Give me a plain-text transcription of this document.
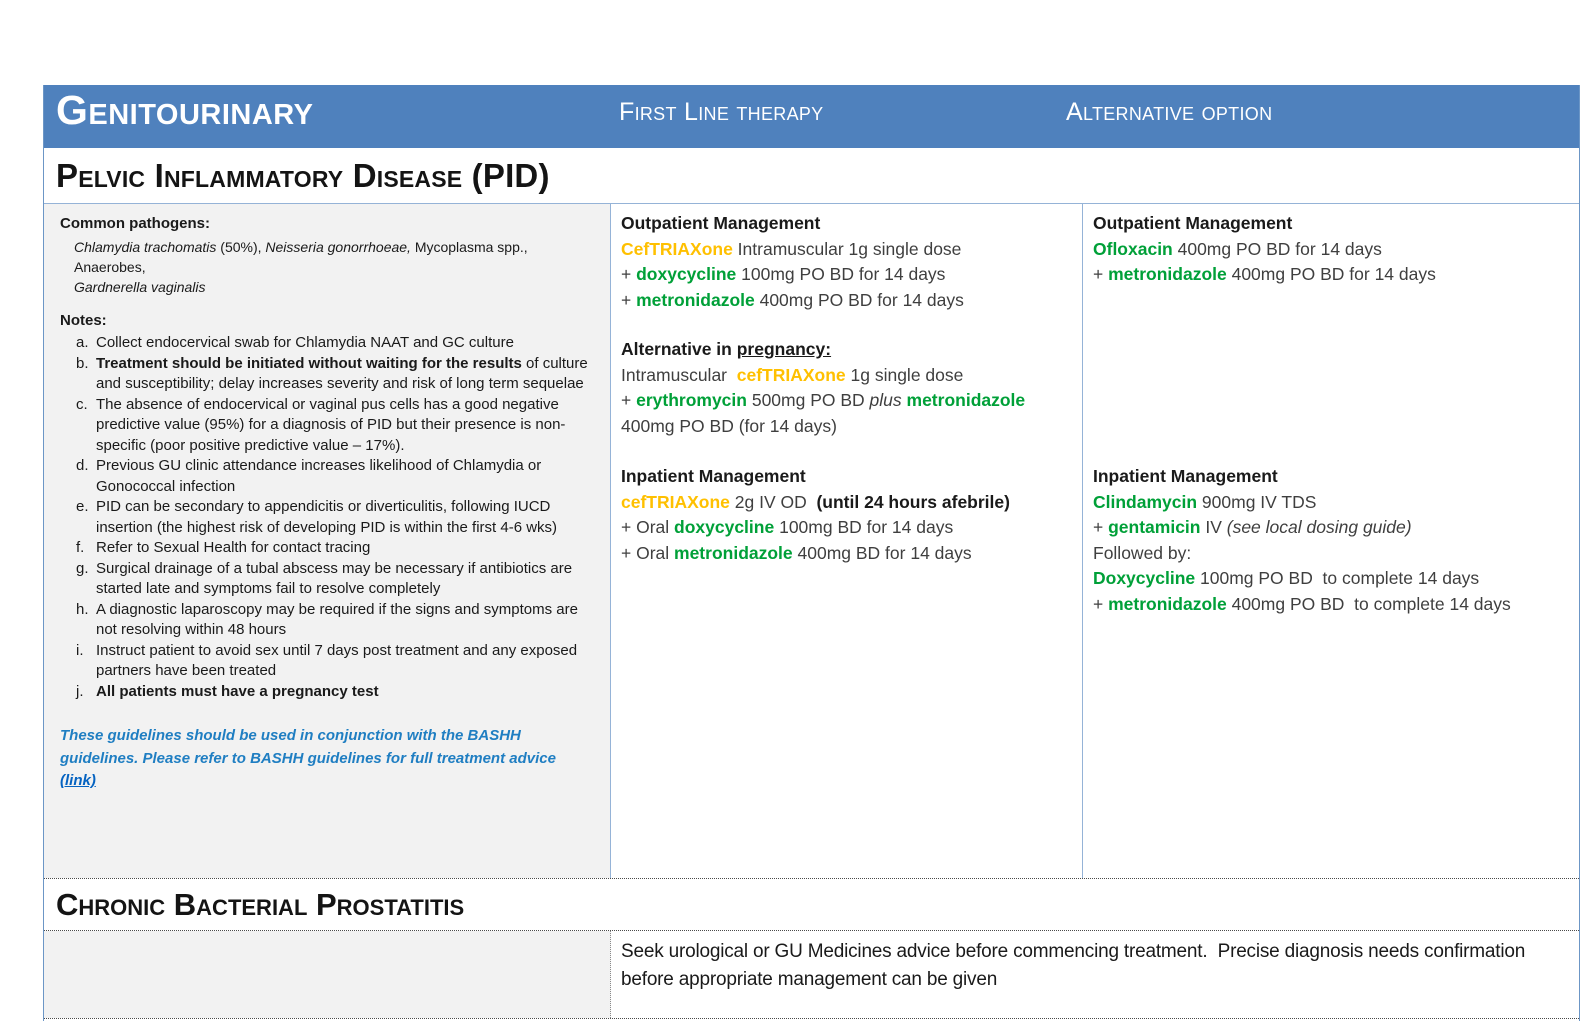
Genitourinary	First Line therapy	Alternative option
Pelvic Inflammatory Disease (PID)
Common pathogens:
Chlamydia trachomatis (50%), Neisseria gonorrhoeae, Mycoplasma spp., Anaerobes,
Gardnerella vaginalis
Notes:
a. Collect endocervical swab for Chlamydia NAAT and GC culture
b. Treatment should be initiated without waiting for the results of culture and susceptibility; delay increases severity and risk of long term sequelae
c. The absence of endocervical or vaginal pus cells has a good negative predictive value (95%) for a diagnosis of PID but their presence is non-specific (poor positive predictive value – 17%).
d. Previous GU clinic attendance increases likelihood of Chlamydia or Gonococcal infection
e. PID can be secondary to appendicitis or diverticulitis, following IUCD insertion (the highest risk of developing PID is within the first 4-6 wks)
f. Refer to Sexual Health for contact tracing
g. Surgical drainage of a tubal abscess may be necessary if antibiotics are started late and symptoms fail to resolve completely
h. A diagnostic laparoscopy may be required if the signs and symptoms are not resolving within 48 hours
i. Instruct patient to avoid sex until 7 days post treatment and any exposed partners have been treated
j. All patients must have a pregnancy test
These guidelines should be used in conjunction with the BASHH guidelines. Please refer to BASHH guidelines for full treatment advice
(link)
Outpatient Management
CefTRIAXone Intramuscular 1g single dose
+ doxycycline 100mg PO BD for 14 days
+ metronidazole 400mg PO BD for 14 days
Alternative in pregnancy:
Intramuscular  cefTRIAXone 1g single dose
+ erythromycin 500mg PO BD plus metronidazole
400mg PO BD (for 14 days)
Inpatient Management
cefTRIAXone 2g IV OD  (until 24 hours afebrile)
+ Oral doxycycline 100mg BD for 14 days
+ Oral metronidazole 400mg BD for 14 days
Outpatient Management
Ofloxacin 400mg PO BD for 14 days
+ metronidazole 400mg PO BD for 14 days
Inpatient Management
Clindamycin 900mg IV TDS
+ gentamicin IV (see local dosing guide)
Followed by:
Doxycycline 100mg PO BD  to complete 14 days
+ metronidazole 400mg PO BD  to complete 14 days
Chronic Bacterial Prostatitis
Seek urological or GU Medicines advice before commencing treatment.  Precise diagnosis needs confirmation before appropriate management can be given
